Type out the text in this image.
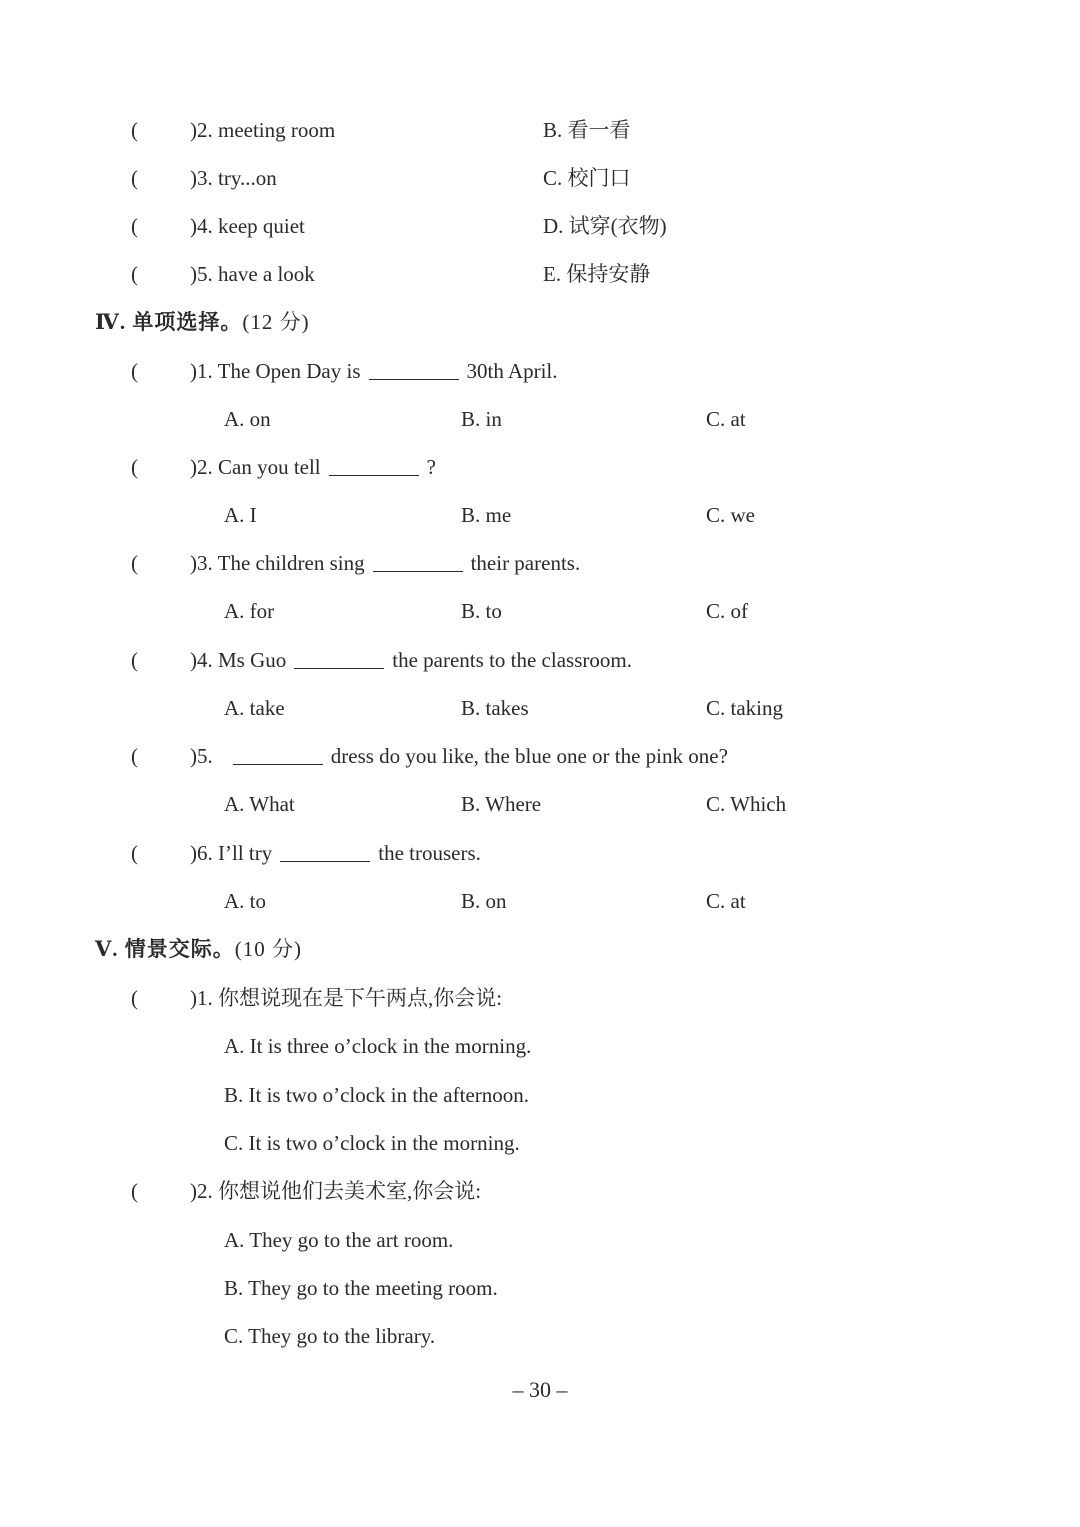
( )2. meeting room	B. 看一看
( )3. try...on	C. 校门口
( )4. keep quiet	D. 试穿(衣物)
( )5. have a look	E. 保持安静
Ⅳ. 单项选择。(12 分)
( )1. The Open Day is	30th April.
A. on	B. in	C. at
( )2. Can you tell	?
A. I	B. me	C. we
( )3. The children sing	their parents.
A. for	B. to	C. of
( )4. Ms Guo	the parents to the classroom.
A. take	B. takes	C. taking
( )5.	dress do you like, the blue one or the pink one?
A. What	B. Where	C. Which
( )6. I’ll try	the trousers.
A. to	B. on	C. at
Ⅴ. 情景交际。(10 分)
( )1. 你想说现在是下午两点,你会说:
A. It is three o’clock in the morning.
B. It is two o’clock in the afternoon.
C. It is two o’clock in the morning.
( )2. 你想说他们去美术室,你会说:
A. They go to the art room.
B. They go to the meeting room.
C. They go to the library.
– 30 –
